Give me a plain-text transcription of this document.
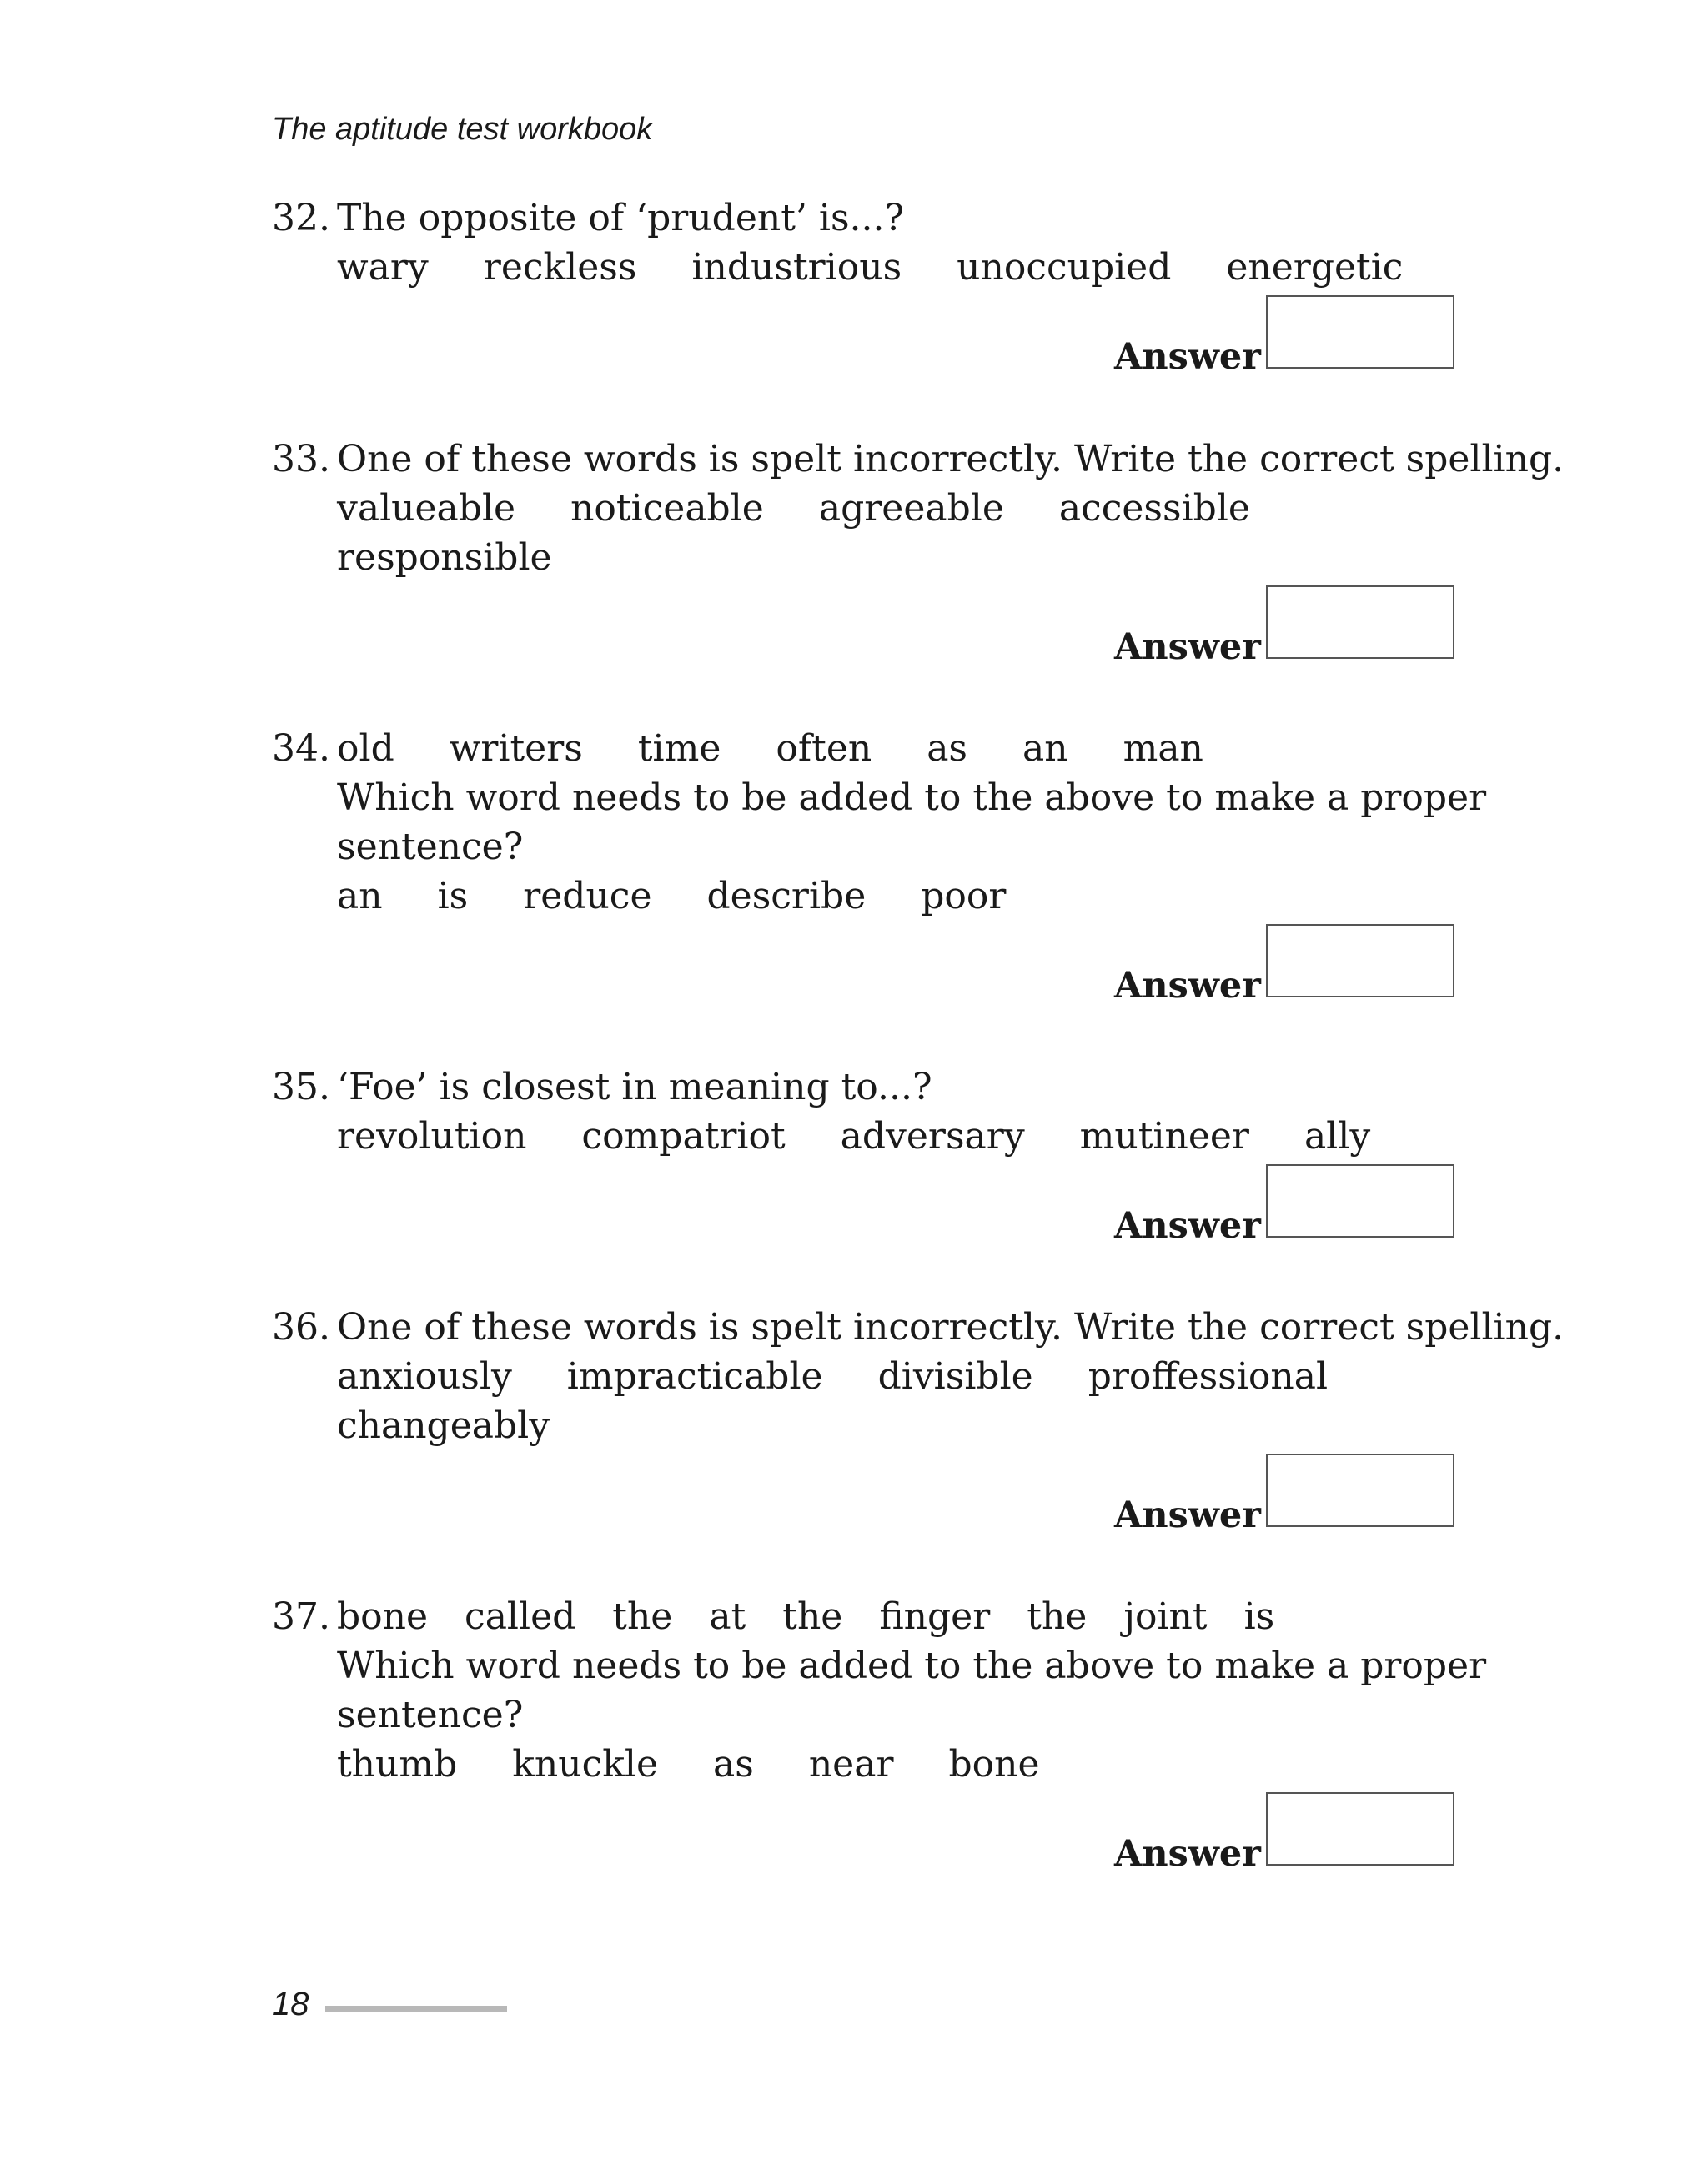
The aptitude test workbook
32. The opposite of ‘prudent’ is...?
wary reckless industrious unoccupied energetic
Answer
33. One of these words is spelt incorrectly. Write the correct spelling.
valueable noticeable agreeable accessible
responsible
Answer
34. old writers time often as an man
Which word needs to be added to the above to make a proper
sentence?
an is reduce describe poor
Answer
35. ‘Foe’ is closest in meaning to...?
revolution compatriot adversary mutineer ally
Answer
36. One of these words is spelt incorrectly. Write the correct spelling.
anxiously impracticable divisible proffessional
changeably
Answer
37. bone called the at the finger the joint is
Which word needs to be added to the above to make a proper
sentence?
thumb knuckle as near bone
Answer
18
